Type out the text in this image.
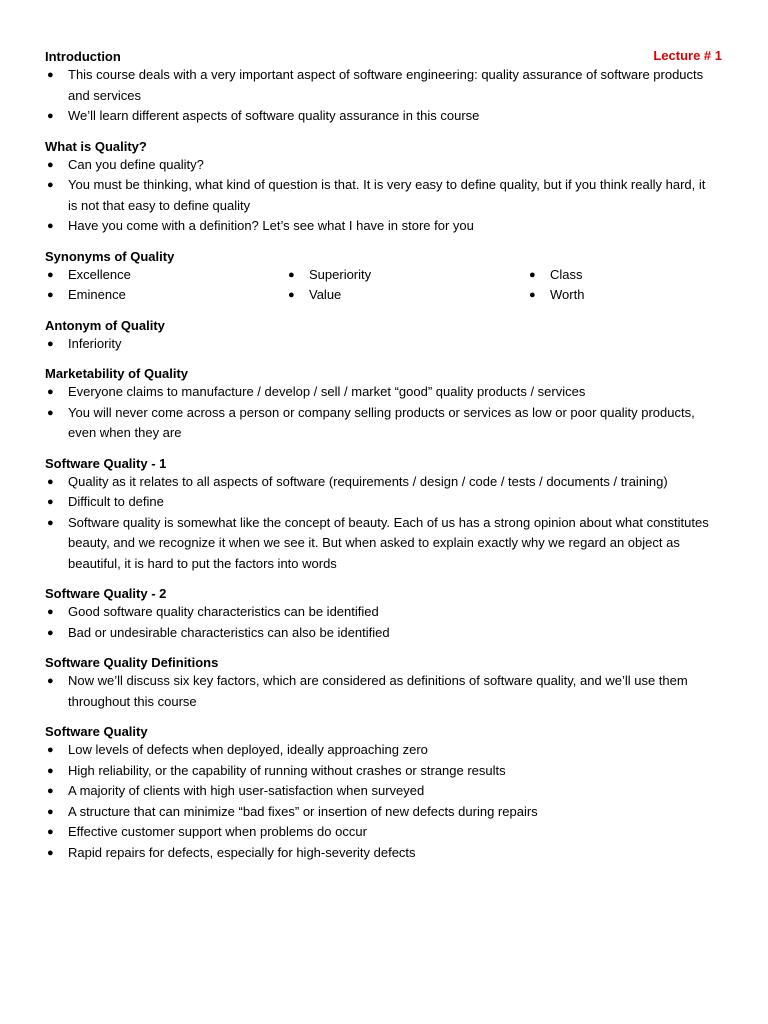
Lecture # 1

Introduction

● This course deals with a very important aspect of software engineering: quality assurance of software products and services
● We’ll learn different aspects of software quality assurance in this course

What is Quality?

● Can you define quality?
● You must be thinking, what kind of question is that. It is very easy to define quality, but if you think really hard, it is not that easy to define quality
● Have you come with a definition? Let’s see what I have in store for you

Synonyms of Quality

● Excellence	● Superiority	● Class
● Eminence	● Value	● Worth

Antonym of Quality

● Inferiority

Marketability of Quality

● Everyone claims to manufacture / develop / sell / market “good” quality products / services
● You will never come across a person or company selling products or services as low or poor quality products, even when they are

Software Quality - 1

● Quality as it relates to all aspects of software (requirements / design / code / tests / documents / training)
● Difficult to define
● Software quality is somewhat like the concept of beauty. Each of us has a strong opinion about what constitutes beauty, and we recognize it when we see it. But when asked to explain exactly why we regard an object as beautiful, it is hard to put the factors into words

Software Quality - 2

● Good software quality characteristics can be identified
● Bad or undesirable characteristics can also be identified

Software Quality Definitions

● Now we’ll discuss six key factors, which are considered as definitions of software quality, and we’ll use them throughout this course

Software Quality

● Low levels of defects when deployed, ideally approaching zero
● High reliability, or the capability of running without crashes or strange results
● A majority of clients with high user-satisfaction when surveyed
● A structure that can minimize “bad fixes” or insertion of new defects during repairs
● Effective customer support when problems do occur
● Rapid repairs for defects, especially for high-severity defects
